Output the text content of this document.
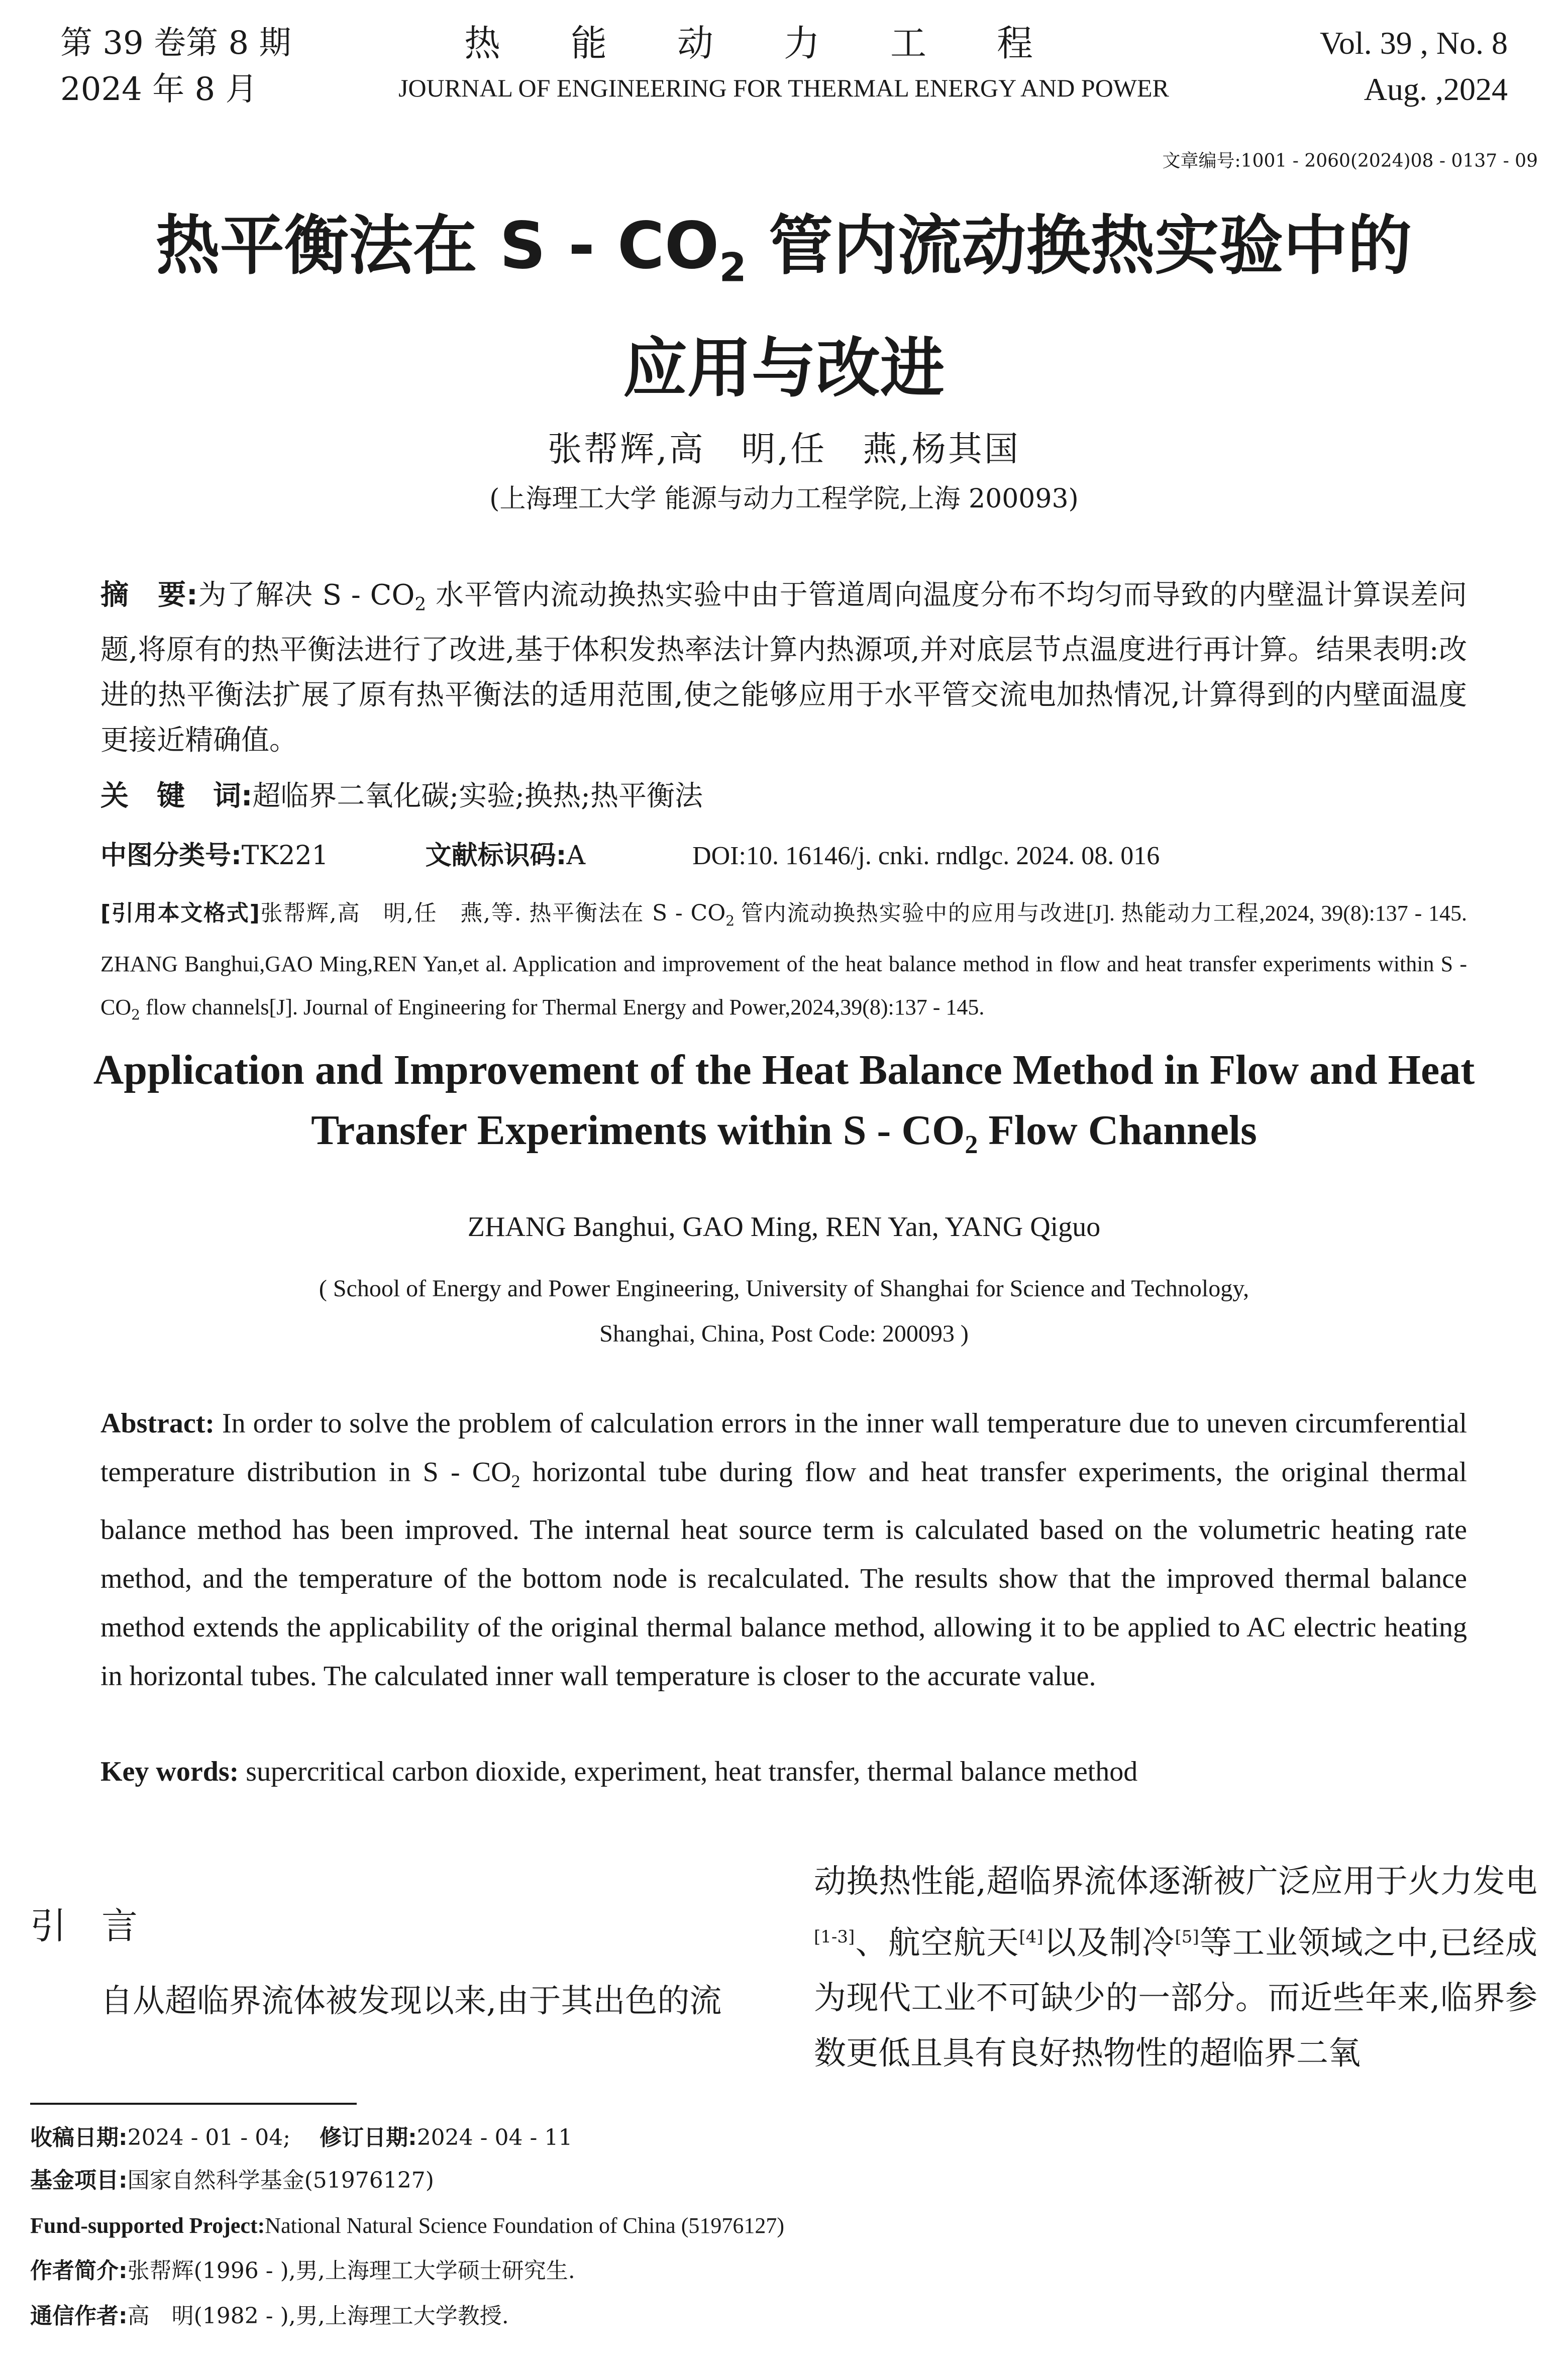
第 39 卷第 8 期
2024 年 8 月
热能动力工程
JOURNAL OF ENGINEERING FOR THERMAL ENERGY AND POWER
Vol. 39 , No. 8
Aug. ,2024
文章编号:1001 - 2060(2024)08 - 0137 - 09
热平衡法在 S - $CO_2$ 管内流动换热实验中的
应用与改进
张帮辉,高　明,任　燕,杨其国
(上海理工大学 能源与动力工程学院,上海 200093)
摘　要:为了解决 S - $CO_2$ 水平管内流动换热实验中由于管道周向温度分布不均匀而导致的内壁温计算误差问题,将原有的热平衡法进行了改进,基于体积发热率法计算内热源项,并对底层节点温度进行再计算。结果表明:改进的热平衡法扩展了原有热平衡法的适用范围,使之能够应用于水平管交流电加热情况,计算得到的内壁面温度更接近精确值。
关　键　词:超临界二氧化碳;实验;换热;热平衡法
中图分类号:TK221	文献标识码:A	DOI:10. 16146/j. cnki. rndlgc. 2024. 08. 016
[引用本文格式]张帮辉,高　明,任　燕,等. 热平衡法在 S - $CO_2$ 管内流动换热实验中的应用与改进[J]. 热能动力工程,2024, 39(8):137 - 145. ZHANG Banghui,GAO Ming,REN Yan,et al. Application and improvement of the heat balance method in flow and heat transfer experiments within S - $CO_2$ flow channels[J]. Journal of Engineering for Thermal Energy and Power,2024,39(8):137 - 145.
Application and Improvement of the Heat Balance Method in Flow and Heat
Transfer Experiments within S - $CO_2$ Flow Channels
ZHANG Banghui, GAO Ming, REN Yan, YANG Qiguo
( School of Energy and Power Engineering, University of Shanghai for Science and Technology,
Shanghai, China, Post Code: 200093 )
Abstract: In order to solve the problem of calculation errors in the inner wall temperature due to uneven circumferential temperature distribution in S - $CO_2$ horizontal tube during flow and heat transfer experiments, the original thermal balance method has been improved. The internal heat source term is calculated based on the volumetric heating rate method, and the temperature of the bottom node is recalculated. The results show that the improved thermal balance method extends the applicability of the original thermal balance method, allowing it to be applied to AC electric heating in horizontal tubes. The calculated inner wall temperature is closer to the accurate value.
Key words: supercritical carbon dioxide, experiment, heat transfer, thermal balance method
引言
自从超临界流体被发现以来,由于其出色的流
动换热性能,超临界流体逐渐被广泛应用于火力发电[1-3]、航空航天[4]以及制冷[5]等工业领域之中,已经成为现代工业不可缺少的一部分。而近些年来,临界参数更低且具有良好热物性的超临界二氧
收稿日期:2024 - 01 - 04; 修订日期:2024 - 04 - 11
基金项目:国家自然科学基金(51976127)
Fund-supported Project:National Natural Science Foundation of China (51976127)
作者简介:张帮辉(1996 - ),男,上海理工大学硕士研究生.
通信作者:高　明(1982 - ),男,上海理工大学教授.
